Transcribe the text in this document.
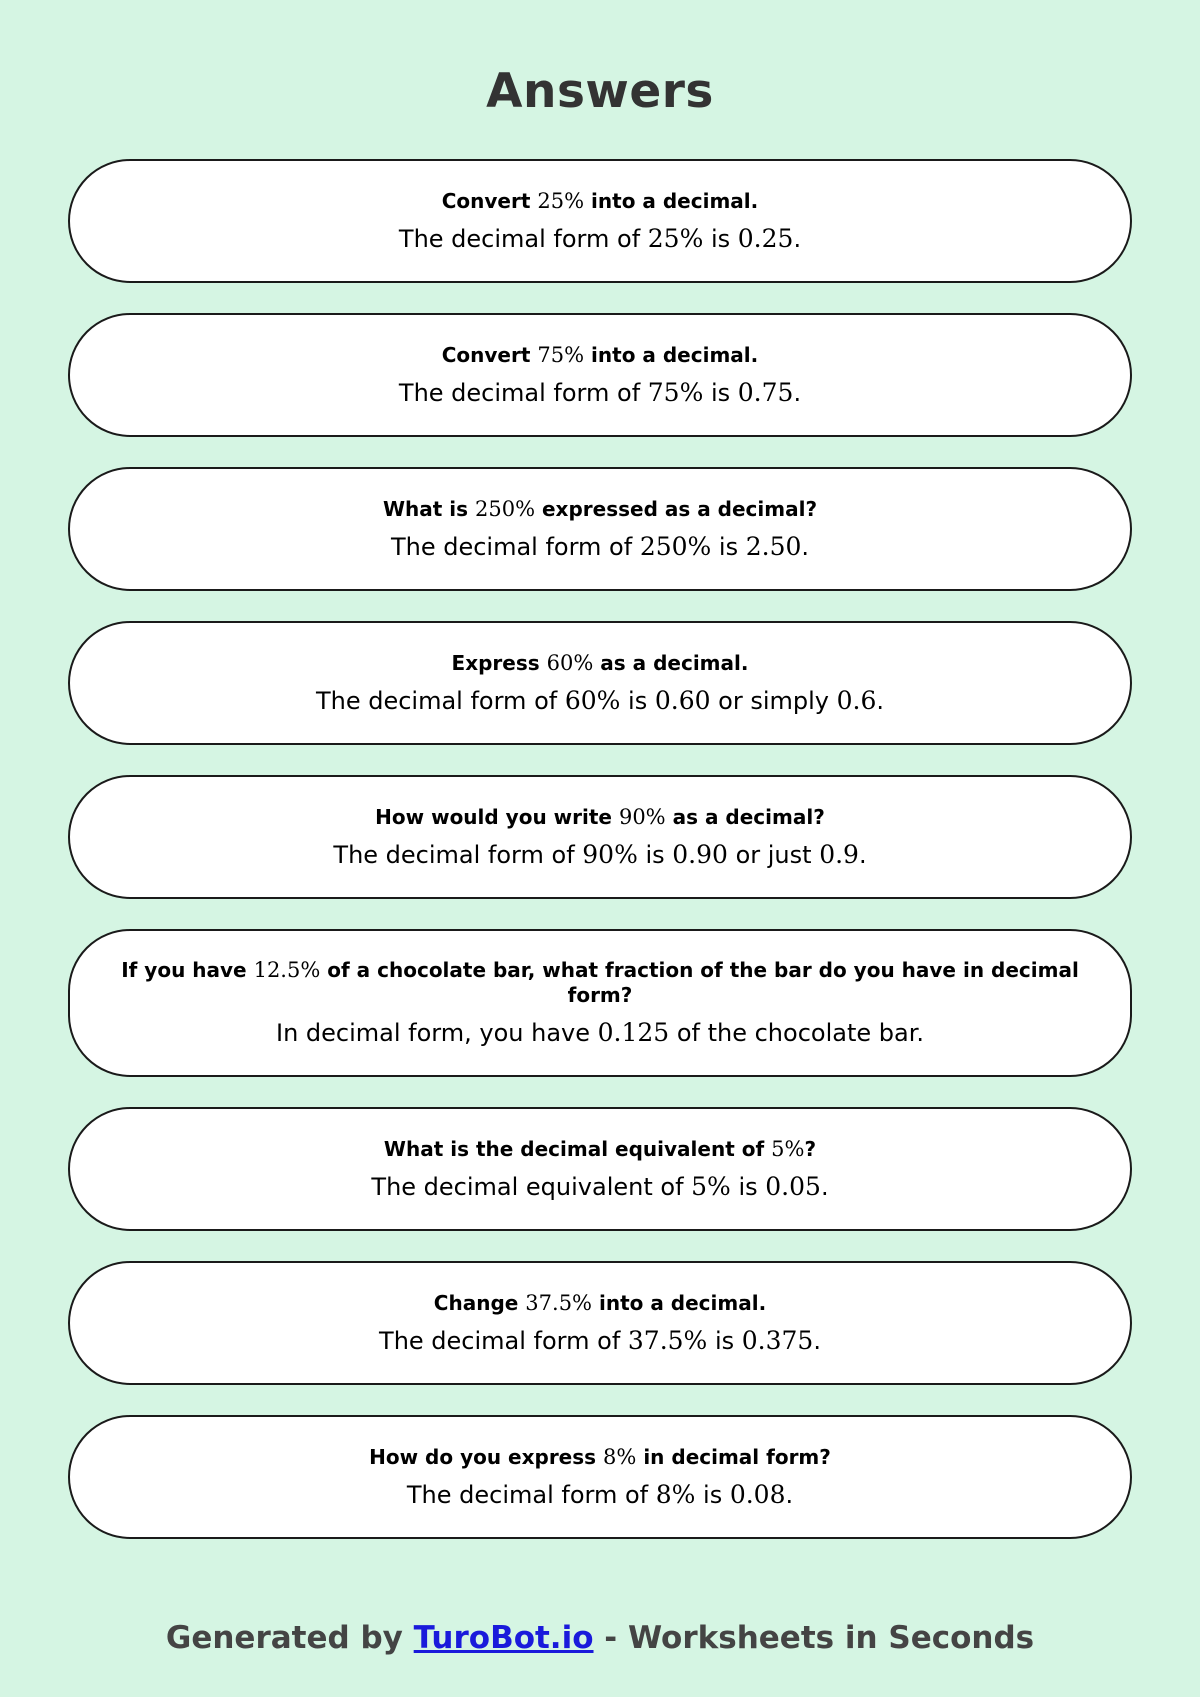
Answers
Convert 25% into a decimal.
The decimal form of 25% is 0.25.
Convert 75% into a decimal.
The decimal form of 75% is 0.75.
What is 250% expressed as a decimal?
The decimal form of 250% is 2.50.
Express 60% as a decimal.
The decimal form of 60% is 0.60 or simply 0.6.
How would you write 90% as a decimal?
The decimal form of 90% is 0.90 or just 0.9.
If you have 12.5% of a chocolate bar, what fraction of the bar do you have in decimal form?
In decimal form, you have 0.125 of the chocolate bar.
What is the decimal equivalent of 5%?
The decimal equivalent of 5% is 0.05.
Change 37.5% into a decimal.
The decimal form of 37.5% is 0.375.
How do you express 8% in decimal form?
The decimal form of 8% is 0.08.
Generated by TuroBot.io - Worksheets in Seconds
